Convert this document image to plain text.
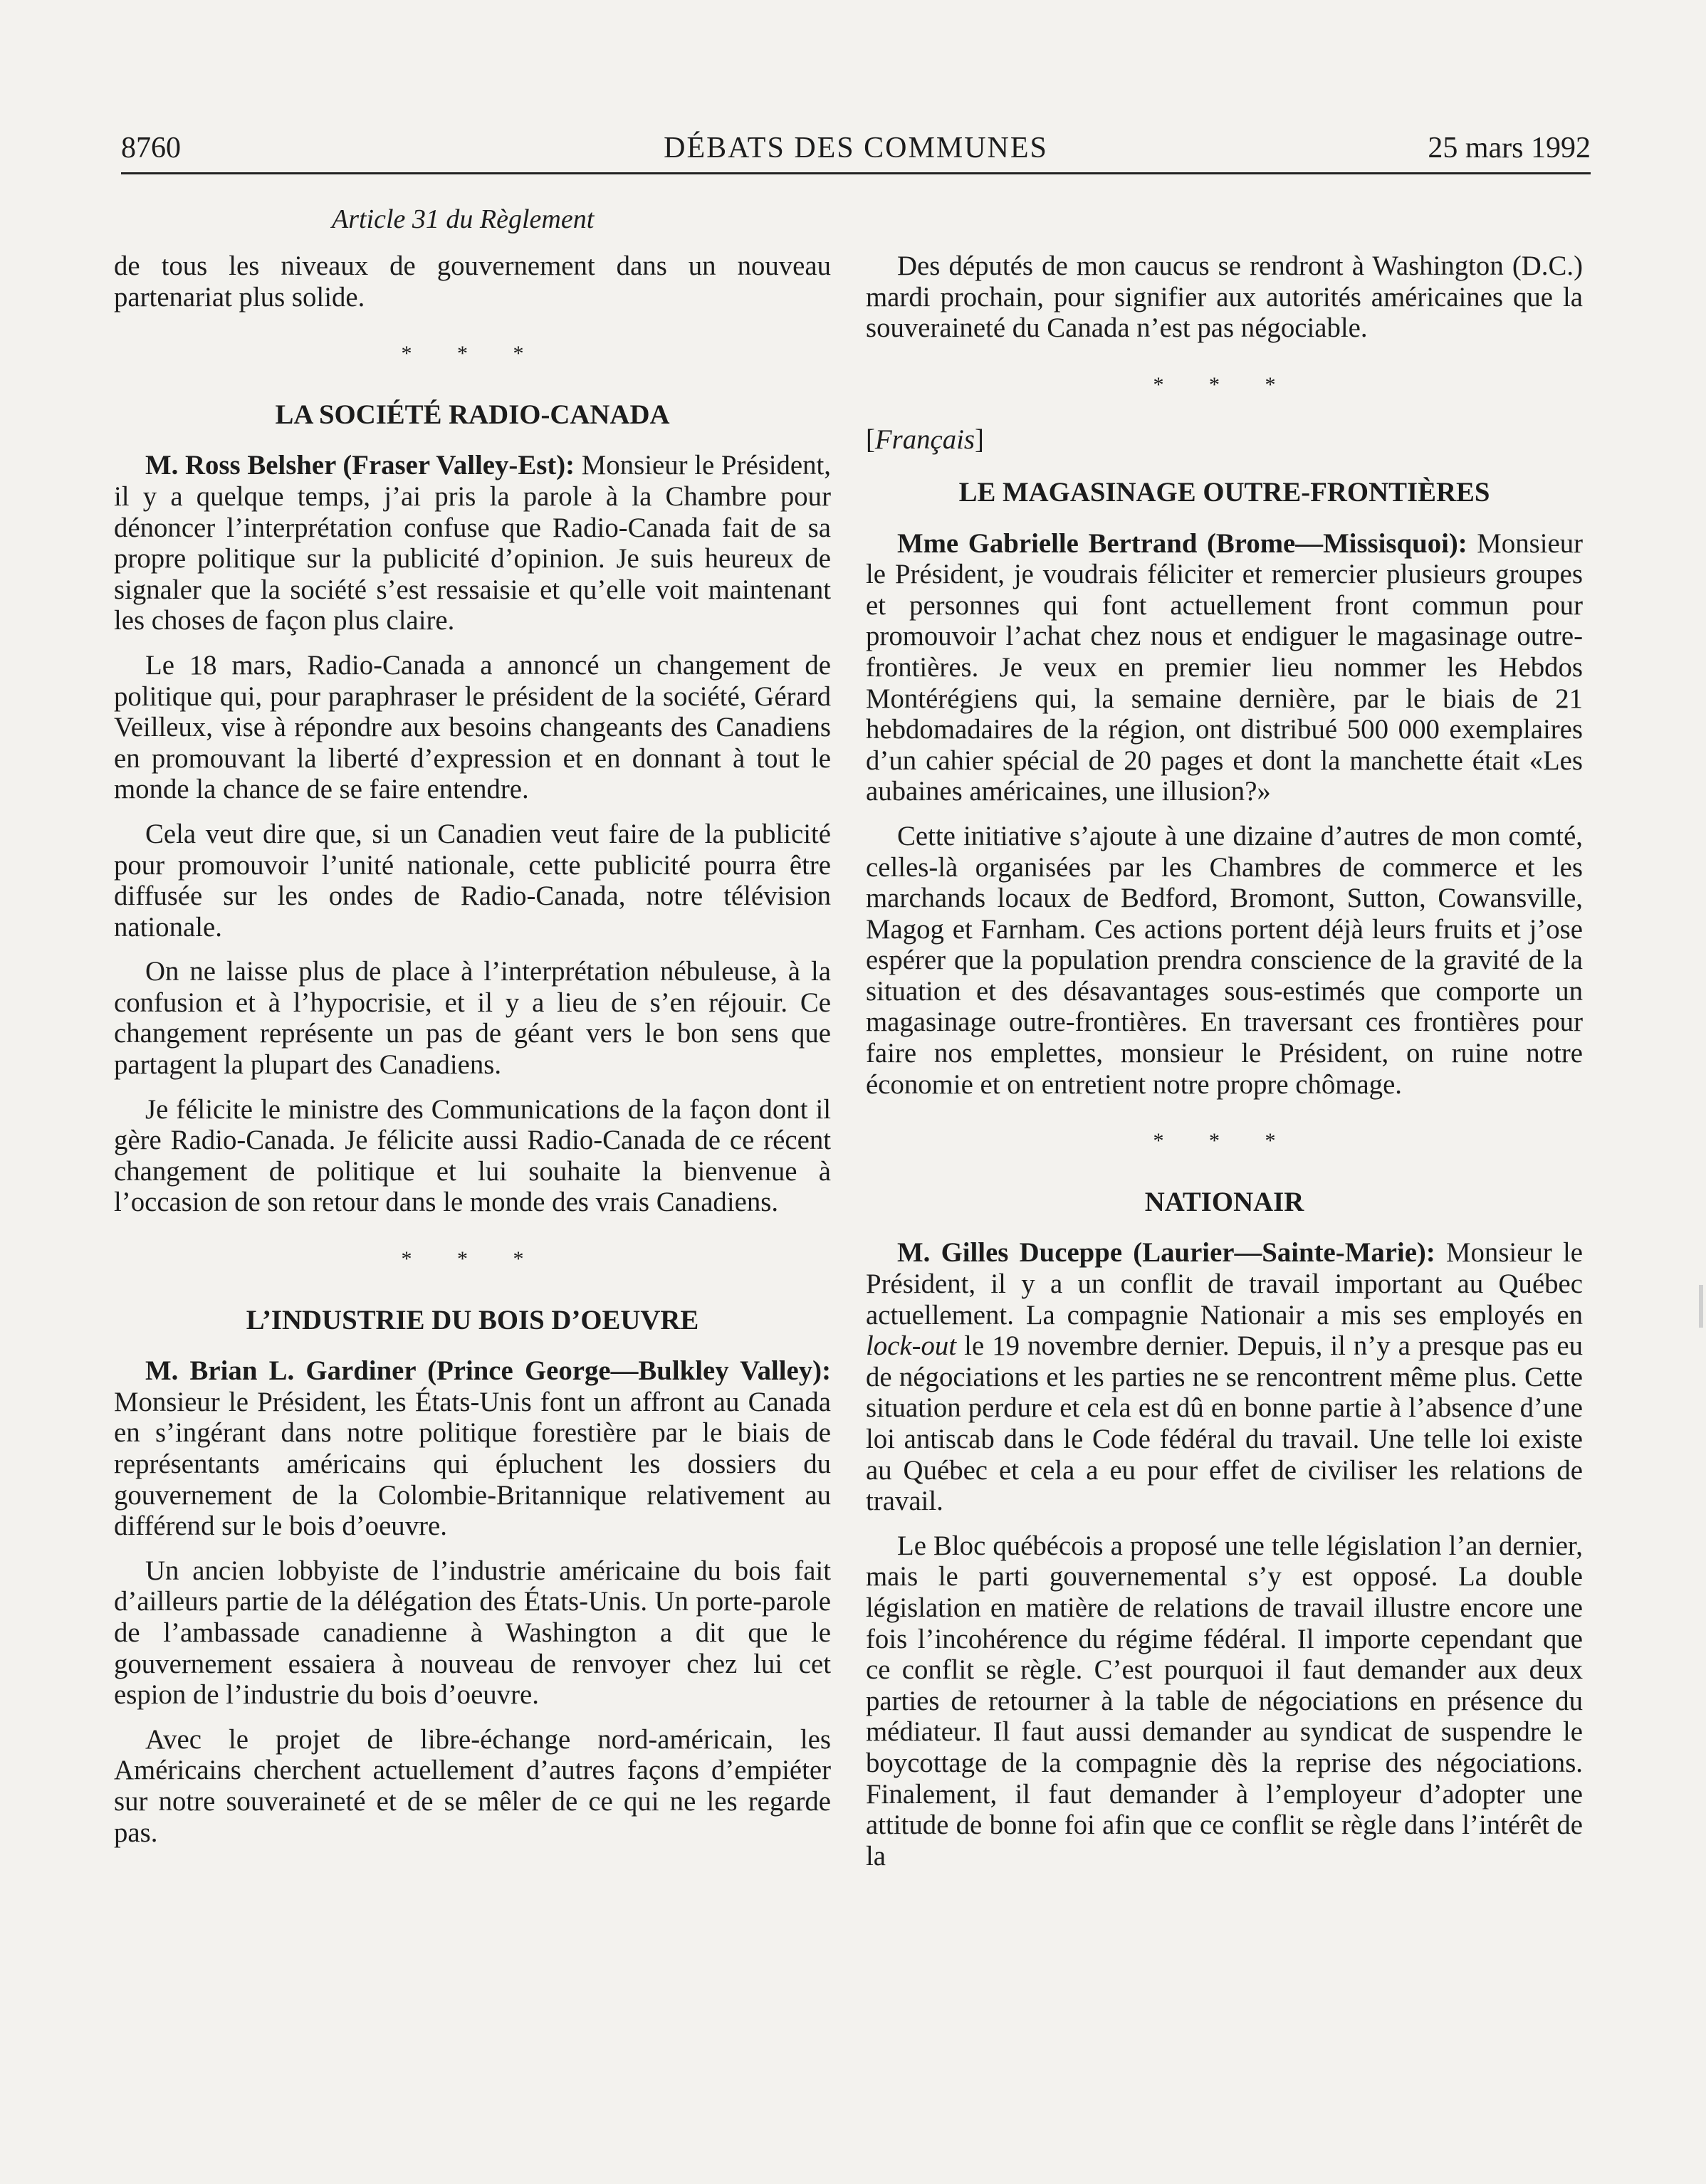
8760	DÉBATS DES COMMUNES	25 mars 1992
Article 31 du Règlement

de tous les niveaux de gouvernement dans un nouveau partenariat plus solide.

* * *
LA SOCIÉTÉ RADIO-CANADA

M. Ross Belsher (Fraser Valley-Est): Monsieur le Président, il y a quelque temps, j’ai pris la parole à la Chambre pour dénoncer l’interprétation confuse que Radio-Canada fait de sa propre politique sur la publicité d’opinion. Je suis heureux de signaler que la société s’est ressaisie et qu’elle voit maintenant les choses de façon plus claire.

Le 18 mars, Radio-Canada a annoncé un changement de politique qui, pour paraphraser le président de la société, Gérard Veilleux, vise à répondre aux besoins changeants des Canadiens en promouvant la liberté d’expression et en donnant à tout le monde la chance de se faire entendre.

Cela veut dire que, si un Canadien veut faire de la publicité pour promouvoir l’unité nationale, cette publicité pourra être diffusée sur les ondes de Radio-Canada, notre télévision nationale.

On ne laisse plus de place à l’interprétation nébuleuse, à la confusion et à l’hypocrisie, et il y a lieu de s’en réjouir. Ce changement représente un pas de géant vers le bon sens que partagent la plupart des Canadiens.

Je félicite le ministre des Communications de la façon dont il gère Radio-Canada. Je félicite aussi Radio-Canada de ce récent changement de politique et lui souhaite la bienvenue à l’occasion de son retour dans le monde des vrais Canadiens.

* * *
L’INDUSTRIE DU BOIS D’OEUVRE

M. Brian L. Gardiner (Prince George—Bulkley Valley): Monsieur le Président, les États-Unis font un affront au Canada en s’ingérant dans notre politique forestière par le biais de représentants américains qui épluchent les dossiers du gouvernement de la Colombie-Britannique relativement au différend sur le bois d’oeuvre.

Un ancien lobbyiste de l’industrie américaine du bois fait d’ailleurs partie de la délégation des États-Unis. Un porte-parole de l’ambassade canadienne à Washington a dit que le gouvernement essaiera à nouveau de renvoyer chez lui cet espion de l’industrie du bois d’oeuvre.

Avec le projet de libre-échange nord-américain, les Américains cherchent actuellement d’autres façons d’empiéter sur notre souveraineté et de se mêler de ce qui ne les regarde pas.

Des députés de mon caucus se rendront à Washington (D.C.) mardi prochain, pour signifier aux autorités américaines que la souveraineté du Canada n’est pas négociable.

* * *
[Français]
LE MAGASINAGE OUTRE-FRONTIÈRES

Mme Gabrielle Bertrand (Brome—Missisquoi): Monsieur le Président, je voudrais féliciter et remercier plusieurs groupes et personnes qui font actuellement front commun pour promouvoir l’achat chez nous et endiguer le magasinage outre-frontières. Je veux en premier lieu nommer les Hebdos Montérégiens qui, la semaine dernière, par le biais de 21 hebdomadaires de la région, ont distribué 500 000 exemplaires d’un cahier spécial de 20 pages et dont la manchette était «Les aubaines américaines, une illusion?»

Cette initiative s’ajoute à une dizaine d’autres de mon comté, celles-là organisées par les Chambres de commerce et les marchands locaux de Bedford, Bromont, Sutton, Cowansville, Magog et Farnham. Ces actions portent déjà leurs fruits et j’ose espérer que la population prendra conscience de la gravité de la situation et des désavantages sous-estimés que comporte un magasinage outre-frontières. En traversant ces frontières pour faire nos emplettes, monsieur le Président, on ruine notre économie et on entretient notre propre chômage.

* * *
NATIONAIR

M. Gilles Duceppe (Laurier—Sainte-Marie): Monsieur le Président, il y a un conflit de travail important au Québec actuellement. La compagnie Nationair a mis ses employés en lock-out le 19 novembre dernier. Depuis, il n’y a presque pas eu de négociations et les parties ne se rencontrent même plus. Cette situation perdure et cela est dû en bonne partie à l’absence d’une loi antiscab dans le Code fédéral du travail. Une telle loi existe au Québec et cela a eu pour effet de civiliser les relations de travail.

Le Bloc québécois a proposé une telle législation l’an dernier, mais le parti gouvernemental s’y est opposé. La double législation en matière de relations de travail illustre encore une fois l’incohérence du régime fédéral. Il importe cependant que ce conflit se règle. C’est pourquoi il faut demander aux deux parties de retourner à la table de négociations en présence du médiateur. Il faut aussi demander au syndicat de suspendre le boycottage de la compagnie dès la reprise des négociations. Finalement, il faut demander à l’employeur d’adopter une attitude de bonne foi afin que ce conflit se règle dans l’intérêt de la
